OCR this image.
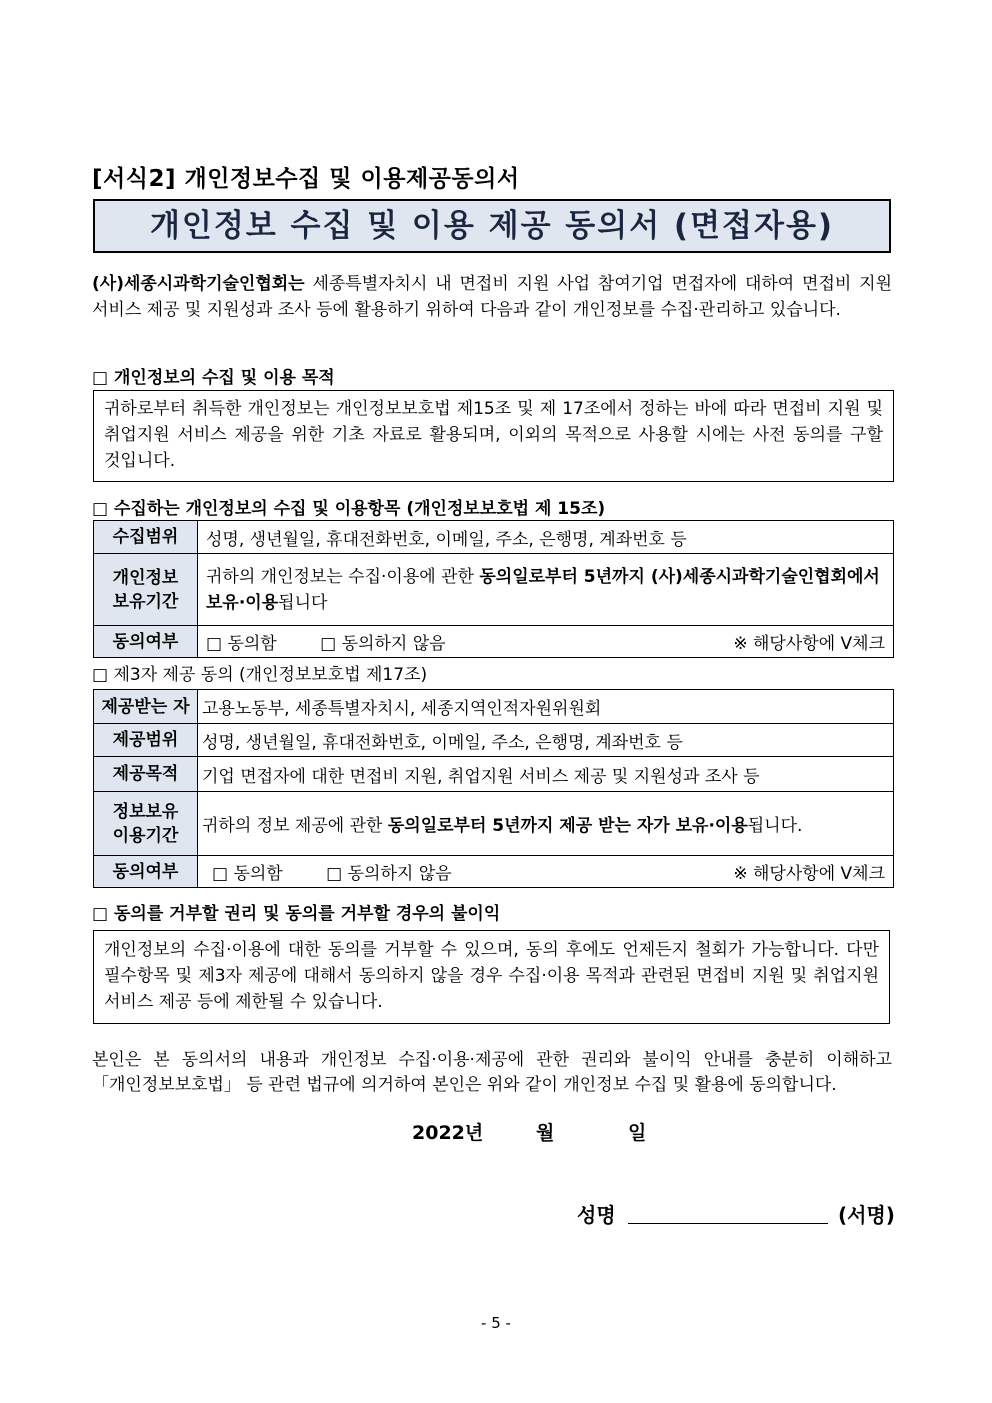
[서식2] 개인정보수집 및 이용제공동의서
개인정보 수집 및 이용 제공 동의서 (면접자용)
(사)세종시과학기술인협회는 세종특별자치시 내 면접비 지원 사업 참여기업 면접자에 대하여 면접비 지원 서비스 제공 및 지원성과 조사 등에 활용하기 위하여 다음과 같이 개인정보를 수집·관리하고 있습니다.
□ 개인정보의 수집 및 이용 목적
귀하로부터 취득한 개인정보는 개인정보보호법 제15조 및 제 17조에서 정하는 바에 따라 면접비 지원 및 취업지원 서비스 제공을 위한 기초 자료로 활용되며, 이외의 목적으로 사용할 시에는 사전 동의를 구할 것입니다.
□ 수집하는 개인정보의 수집 및 이용항목 (개인정보보호법 제 15조)
수집범위	성명, 생년월일, 휴대전화번호, 이메일, 주소, 은행명, 계좌번호 등

개인정보
보유기간	귀하의 개인정보는 수집·이용에 관한 동의일로부터 5년까지 (사)세종시과학기술인협회에서 보유·이용됩니다
동의여부	□ 동의함 □ 동의하지 않음 ※ 해당사항에 V체크
□ 제3자 제공 동의 (개인정보보호법 제17조)
제공받는 자	고용노동부, 세종특별자치시, 세종지역인적자원위원회
제공범위	성명, 생년월일, 휴대전화번호, 이메일, 주소, 은행명, 계좌번호 등
제공목적	기업 면접자에 대한 면접비 지원, 취업지원 서비스 제공 및 지원성과 조사 등

정보보유
이용기간	귀하의 정보 제공에 관한 동의일로부터 5년까지 제공 받는 자가 보유·이용됩니다.
동의여부	□ 동의함 □ 동의하지 않음 ※ 해당사항에 V체크
□ 동의를 거부할 권리 및 동의를 거부할 경우의 불이익
개인정보의 수집·이용에 대한 동의를 거부할 수 있으며, 동의 후에도 언제든지 철회가 가능합니다. 다만 필수항목 및 제3자 제공에 대해서 동의하지 않을 경우 수집·이용 목적과 관련된 면접비 지원 및 취업지원 서비스 제공 등에 제한될 수 있습니다.
본인은 본 동의서의 내용과 개인정보 수집·이용·제공에 관한 권리와 불이익 안내를 충분히 이해하고 「개인정보보호법」 등 관련 법규에 의거하여 본인은 위와 같이 개인정보 수집 및 활용에 동의합니다.
2022년	월	일
성명	(서명)
- 5 -
